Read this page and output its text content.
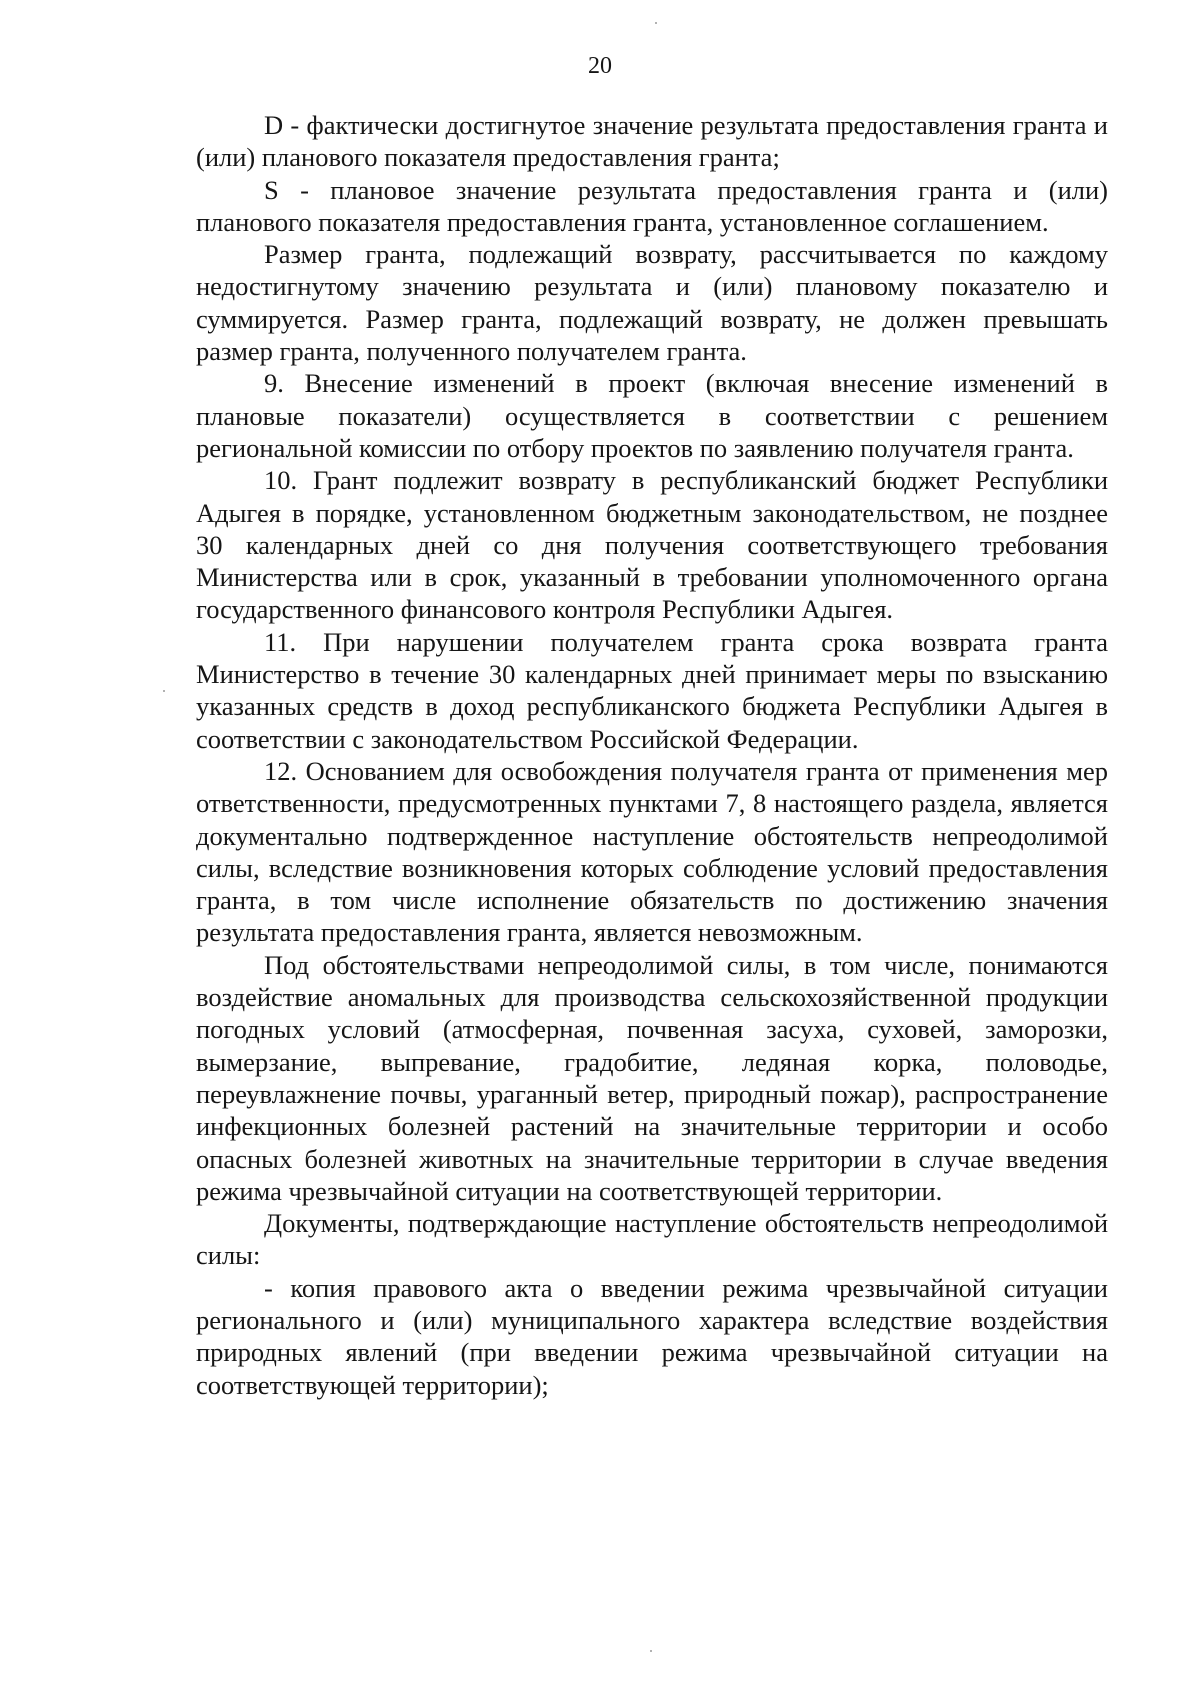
20

D - фактически достигнутое значение результата предоставления гранта и (или) планового показателя предоставления гранта;

S - плановое значение результата предоставления гранта и (или) планового показателя предоставления гранта, установленное соглашением.

Размер гранта, подлежащий возврату, рассчитывается по каждому недостигнутому значению результата и (или) плановому показателю и суммируется. Размер гранта, подлежащий возврату, не должен превышать размер гранта, полученного получателем гранта.

9. Внесение изменений в проект (включая внесение изменений в плановые показатели) осуществляется в соответствии с решением региональной комиссии по отбору проектов по заявлению получателя гранта.

10. Грант подлежит возврату в республиканский бюджет Республики Адыгея в порядке, установленном бюджетным законодательством, не позднее 30 календарных дней со дня получения соответствующего требования Министерства или в срок, указанный в требовании уполномоченного органа государственного финансового контроля Республики Адыгея.

11. При нарушении получателем гранта срока возврата гранта Министерство в течение 30 календарных дней принимает меры по взысканию указанных средств в доход республиканского бюджета Республики Адыгея в соответствии с законодательством Российской Федерации.

12. Основанием для освобождения получателя гранта от применения мер ответственности, предусмотренных пунктами 7, 8 настоящего раздела, является документально подтвержденное наступление обстоятельств непреодолимой силы, вследствие возникновения которых соблюдение условий предоставления гранта, в том числе исполнение обязательств по достижению значения результата предоставления гранта, является невозможным.

Под обстоятельствами непреодолимой силы, в том числе, понимаются воздействие аномальных для производства сельскохозяйственной продукции погодных условий (атмосферная, почвенная засуха, суховей, заморозки, вымерзание, выпревание, градобитие, ледяная корка, половодье, переувлажнение почвы, ураганный ветер, природный пожар), распространение инфекционных болезней растений на значительные территории и особо опасных болезней животных на значительные территории в случае введения режима чрезвычайной ситуации на соответствующей территории.

Документы, подтверждающие наступление обстоятельств непреодолимой силы:

- копия правового акта о введении режима чрезвычайной ситуации регионального и (или) муниципального характера вследствие воздействия природных явлений (при введении режима чрезвычайной ситуации на соответствующей территории);
